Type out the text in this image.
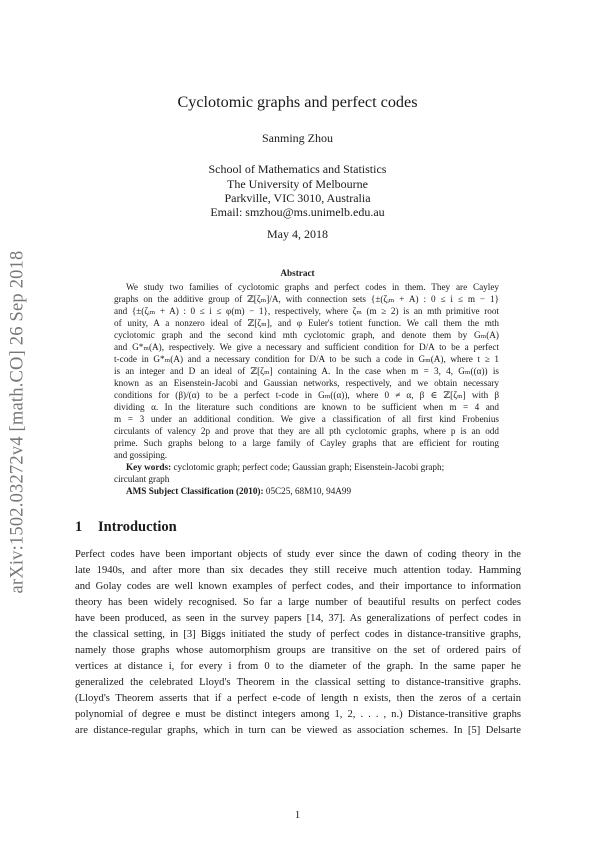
arXiv:1502.03272v4 [math.CO] 26 Sep 2018
Cyclotomic graphs and perfect codes
Sanming Zhou
School of Mathematics and Statistics
The University of Melbourne
Parkville, VIC 3010, Australia
Email: smzhou@ms.unimelb.edu.au
May 4, 2018
Abstract
We study two families of cyclotomic graphs and perfect codes in them. They are Cayley
graphs on the additive group of ℤ[ζₘ]/A, with connection sets {±(ζᵢₘ + A) : 0 ≤ i ≤ m − 1}
and {±(ζᵢₘ + A) : 0 ≤ i ≤ φ(m) − 1}, respectively, where ζₘ (m ≥ 2) is an mth primitive root
of unity, A a nonzero ideal of ℤ[ζₘ], and φ Euler's totient function. We call them the mth
cyclotomic graph and the second kind mth cyclotomic graph, and denote them by Gₘ(A)
and G*ₘ(A), respectively. We give a necessary and sufficient condition for D/A to be a perfect
t-code in G*ₘ(A) and a necessary condition for D/A to be such a code in Gₘ(A), where t ≥ 1
is an integer and D an ideal of ℤ[ζₘ] containing A. In the case when m = 3, 4, Gₘ((α)) is
known as an Eisenstein-Jacobi and Gaussian networks, respectively, and we obtain necessary
conditions for (β)/(α) to be a perfect t-code in Gₘ((α)), where 0 ≠ α, β ∈ ℤ[ζₘ] with β
dividing α. In the literature such conditions are known to be sufficient when m = 4 and
m = 3 under an additional condition. We give a classification of all first kind Frobenius
circulants of valency 2p and prove that they are all pth cyclotomic graphs, where p is an odd
prime. Such graphs belong to a large family of Cayley graphs that are efficient for routing
and gossiping.
Key words: cyclotomic graph; perfect code; Gaussian graph; Eisenstein-Jacobi graph;
circulant graph
AMS Subject Classification (2010): 05C25, 68M10, 94A99
1 Introduction
Perfect codes have been important objects of study ever since the dawn of coding theory in the
late 1940s, and after more than six decades they still receive much attention today. Hamming
and Golay codes are well known examples of perfect codes, and their importance to information
theory has been widely recognised. So far a large number of beautiful results on perfect codes
have been produced, as seen in the survey papers [14, 37]. As generalizations of perfect codes in
the classical setting, in [3] Biggs initiated the study of perfect codes in distance-transitive graphs,
namely those graphs whose automorphism groups are transitive on the set of ordered pairs of
vertices at distance i, for every i from 0 to the diameter of the graph. In the same paper he
generalized the celebrated Lloyd's Theorem in the classical setting to distance-transitive graphs.
(Lloyd's Theorem asserts that if a perfect e-code of length n exists, then the zeros of a certain
polynomial of degree e must be distinct integers among 1, 2, . . . , n.) Distance-transitive graphs
are distance-regular graphs, which in turn can be viewed as association schemes. In [5] Delsarte
1
